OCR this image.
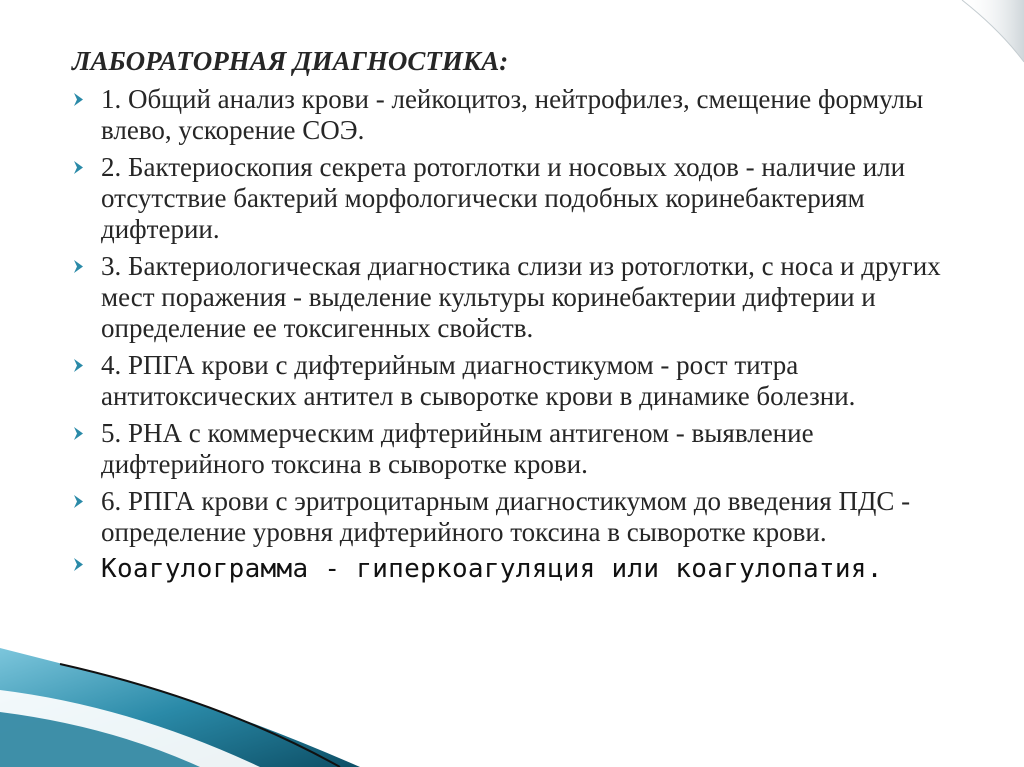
ЛАБОРАТОРНАЯ ДИАГНОСТИКА:
1. Общий анализ крови - лейкоцитоз, нейтрофилез, смещение формулы влево, ускорение СОЭ.
2. Бактериоскопия секрета ротоглотки и носовых ходов - наличие или отсутствие бактерий морфологически подобных коринебактериям дифтерии.
3. Бактериологическая диагностика слизи из ротоглотки, с носа и других мест поражения - выделение культуры коринебактерии дифтерии и определение ее токсигенных свойств.
4. РПГА крови с дифтерийным диагностикумом - рост титра антитоксических антител в сыворотке крови в динамике болезни.
5. РНА с коммерческим дифтерийным антигеном - выявление дифтерийного токсина в сыворотке крови.
6. РПГА крови с эритроцитарным диагностикумом до введения ПДС - определение уровня дифтерийного токсина в сыворотке крови.
Коагулограмма - гиперкоагуляция или коагулопатия.
